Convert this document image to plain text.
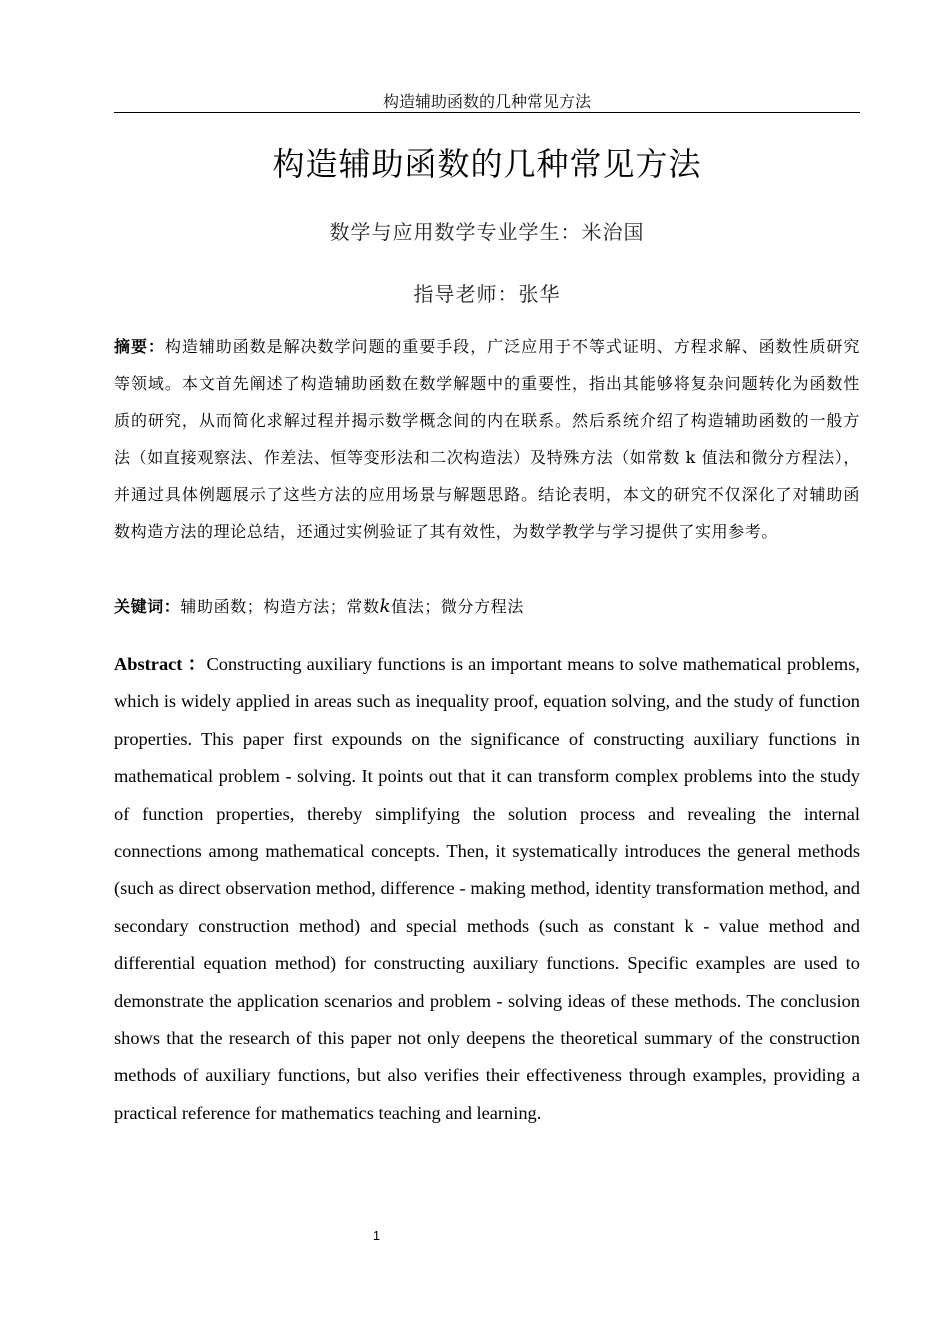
构造辅助函数的几种常见方法
构造辅助函数的几种常见方法
数学与应用数学专业学生：米治国
指导老师：张华

摘要：构造辅助函数是解决数学问题的重要手段，广泛应用于不等式证明、方程求解、函数性质研究等领域。本文首先阐述了构造辅助函数在数学解题中的重要性，指出其能够将复杂问题转化为函数性质的研究，从而简化求解过程并揭示数学概念间的内在联系。然后系统介绍了构造辅助函数的一般方法（如直接观察法、作差法、恒等变形法和二次构造法）及特殊方法（如常数 k 值法和微分方程法），并通过具体例题展示了这些方法的应用场景与解题思路。结论表明，本文的研究不仅深化了对辅助函数构造方法的理论总结，还通过实例验证了其有效性，为数学教学与学习提供了实用参考。

关键词：辅助函数；构造方法；常数k值法；微分方程法

Abstract ：Constructing auxiliary functions is an important means to solve mathematical problems, which is widely applied in areas such as inequality proof, equation solving, and the study of function properties. This paper first expounds on the significance of constructing auxiliary functions in mathematical problem - solving. It points out that it can transform complex problems into the study of function properties, thereby simplifying the solution process and revealing the internal connections among mathematical concepts. Then, it systematically introduces the general methods (such as direct observation method, difference - making method, identity transformation method, and secondary construction method) and special methods (such as constant k - value method and differential equation method) for constructing auxiliary functions. Specific examples are used to demonstrate the application scenarios and problem - solving ideas of these methods. The conclusion shows that the research of this paper not only deepens the theoretical summary of the construction methods of auxiliary functions, but also verifies their effectiveness through examples, providing a practical reference for mathematics teaching and learning.

1
